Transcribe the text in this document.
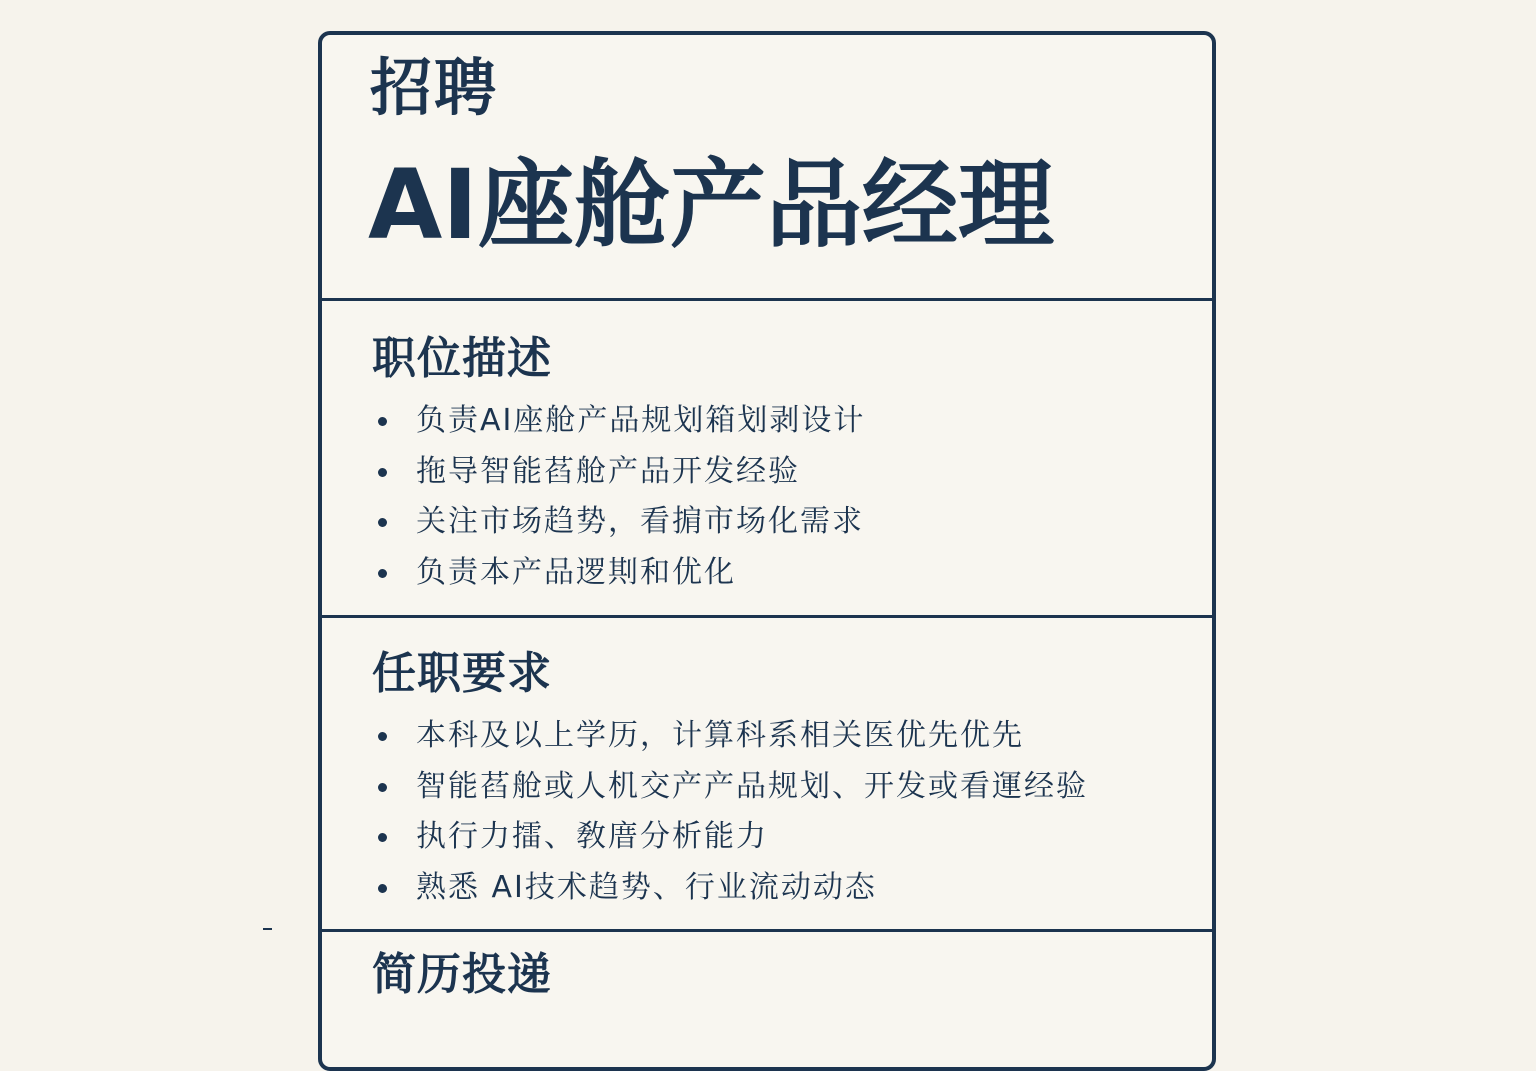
招聘
AI座舱产品经理
职位描述
负责AI座舱产品规划箱划剥设计
拖导智能萏舱产品开发经验
关注市场趋势，看掮市场化需求
负责本产品逻剘和优化
任职要求
本科及以上学历，计算科系相关医优先优先
智能萏舱或人机交产产品规划、开发或看運经验
执行力擂、敎庴分析能力
熟悉 AI技术趋势、行业流动动态
简历投递
